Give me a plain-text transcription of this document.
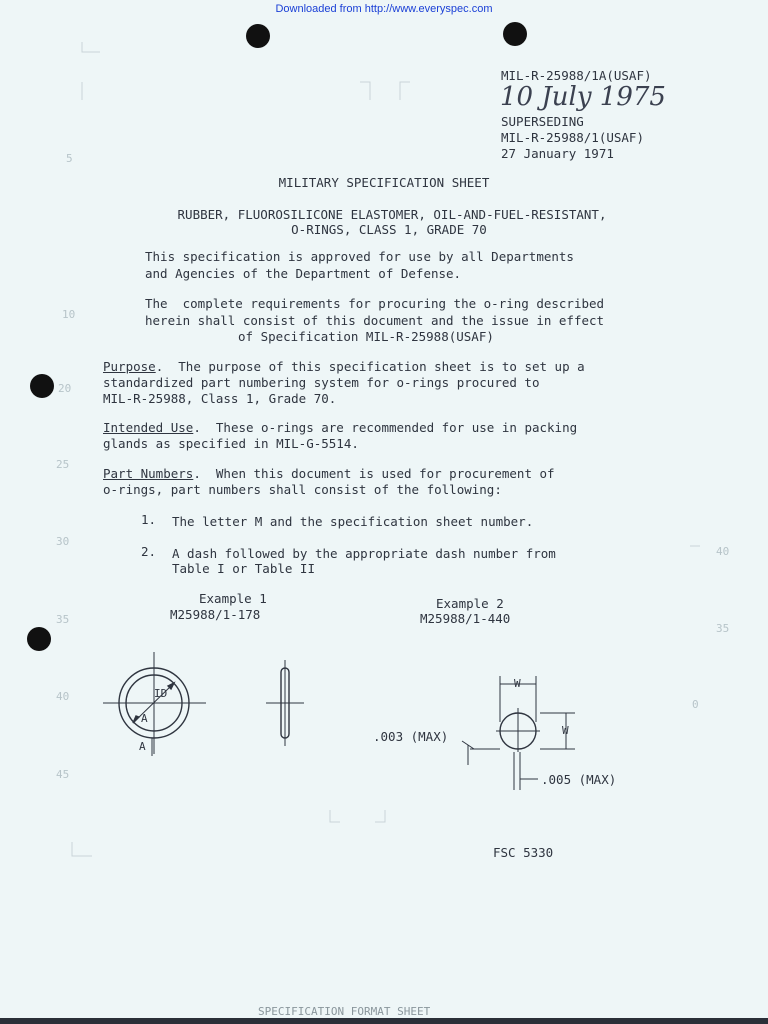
Downloaded from http://www.everyspec.com
5
10
20
25
30
35
40
45
40
35
0
MIL-R-25988/1A(USAF)
10 July 1975
SUPERSEDING
MIL-R-25988/1(USAF)
27 January 1971
MILITARY SPECIFICATION SHEET
RUBBER, FLUOROSILICONE ELASTOMER, OIL-AND-FUEL-RESISTANT,
O-RINGS, CLASS 1, GRADE 70
This specification is approved for use by all Departments
and Agencies of the Department of Defense.
The  complete requirements for procuring the o-ring described
herein shall consist of this document and the issue in effect
of Specification MIL-R-25988(USAF)
Purpose.  The purpose of this specification sheet is to set up a
standardized part numbering system for o-rings procured to
MIL-R-25988, Class 1, Grade 70.
Intended Use.  These o-rings are recommended for use in packing
glands as specified in MIL-G-5514.
Part Numbers.  When this document is used for procurement of
o-rings, part numbers shall consist of the following:
1. The letter M and the specification sheet number.
2. A dash followed by the appropriate dash number from
Table I or Table II
Example 1
M25988/1-178
Example 2
M25988/1-440
ID
A
A
W
W
.003 (MAX)
.005 (MAX)
FSC 5330
SPECIFICATION FORMAT SHEET
